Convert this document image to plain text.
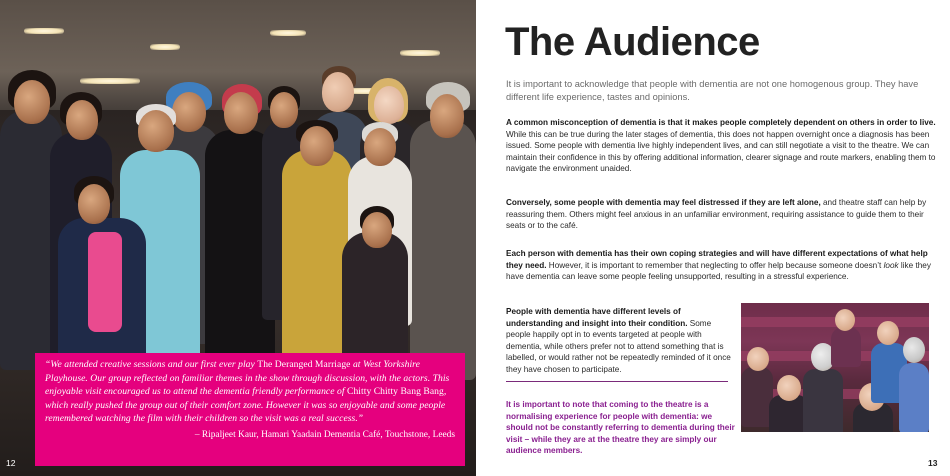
“We attended creative sessions and our first ever play The Deranged Marriage at West Yorkshire Playhouse. Our group reflected on familiar themes in the show through discussion, with the actors. This enjoyable visit encouraged us to attend the dementia friendly performance of Chitty Chitty Bang Bang, which really pushed the group out of their comfort zone. However it was so enjoyable and some people remembered watching the film with their children so the visit was a real success.”

– Ripaljeet Kaur, Hamari Yaadain Dementia Café, Touchstone, Leeds
12
The Audience

It is important to acknowledge that people with dementia are not one homogenous group. They have different life experience, tastes and opinions.

A common misconception of dementia is that it makes people completely dependent on others in order to live. While this can be true during the later stages of dementia, this does not happen overnight once a diagnosis has been issued. Some people with dementia live highly independent lives, and can still negotiate a visit to the theatre. We can maintain their confidence in this by offering additional information, clearer signage and route markers, enabling them to navigate the environment unaided.

Conversely, some people with dementia may feel distressed if they are left alone, and theatre staff can help by reassuring them. Others might feel anxious in an unfamiliar environment, requiring assistance to guide them to their seats or to the café.

Each person with dementia has their own coping strategies and will have different expectations of what help they need. However, it is important to remember that neglecting to offer help because someone doesn’t look like they have dementia can leave some people feeling unsupported, resulting in a stressful experience.

People with dementia have different levels of understanding and insight into their condition. Some people happily opt in to events targeted at people with dementia, while others prefer not to attend something that is labelled, or would rather not be repeatedly reminded of it once they have chosen to participate.

It is important to note that coming to the theatre is a normalising experience for people with dementia: we should not be constantly referring to dementia during their visit – while they are at the theatre they are simply our audience members.

13
